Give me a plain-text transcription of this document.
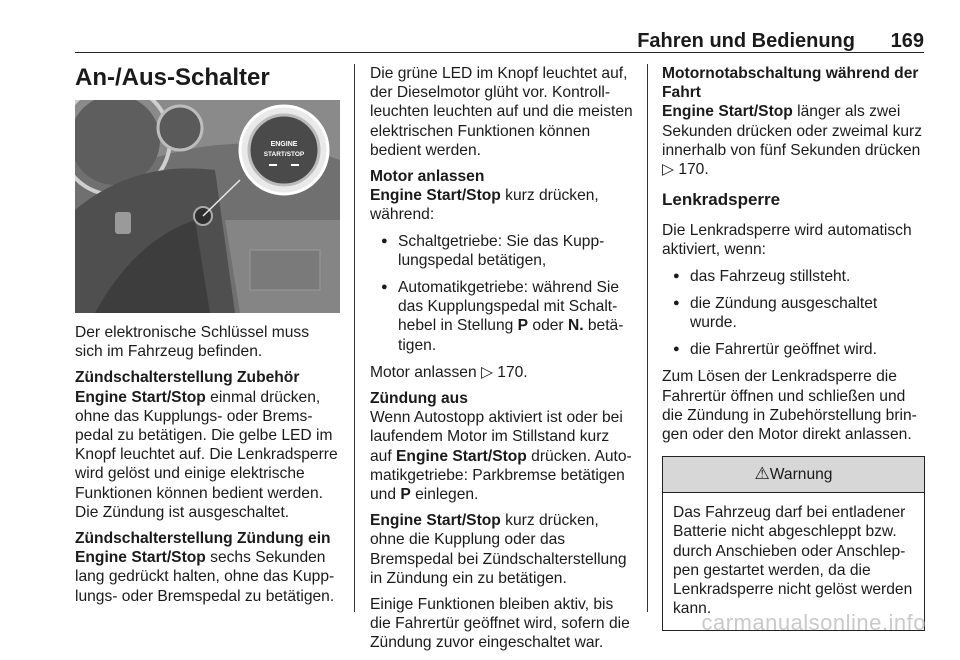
Fahren und Bedienung 169
An-/Aus-Schalter
ENGINE
START/STOP

Der elektronische Schlüssel muss sich im Fahrzeug befinden.

Zündschalterstellung Zubehör

Engine Start/Stop einmal drücken, ohne das Kupplungs- oder Bremspedal zu betätigen. Die gelbe LED im Knopf leuchtet auf. Die Lenkradsperre wird gelöst und einige elektrische Funktionen können bedient werden. Die Zündung ist ausgeschaltet.

Zündschalterstellung Zündung ein

Engine Start/Stop sechs Sekunden lang gedrückt halten, ohne das Kupplungs- oder Bremspedal zu betätigen.

Die grüne LED im Knopf leuchtet auf, der Dieselmotor glüht vor. Kontrollleuchten leuchten auf und die meisten elektrischen Funktionen können bedient werden.

Motor anlassen

Engine Start/Stop kurz drücken, während:

● Schaltgetriebe: Sie das Kupplungspedal betätigen,
● Automatikgetriebe: während Sie das Kupplungspedal mit Schalthebel in Stellung P oder N. betätigen.

Motor anlassen ▷ 170.

Zündung aus

Wenn Autostopp aktiviert ist oder bei laufendem Motor im Stillstand kurz auf Engine Start/Stop drücken. Automatikgetriebe: Parkbremse betätigen und P einlegen.

Engine Start/Stop kurz drücken, ohne die Kupplung oder das Bremspedal bei Zündschalterstellung in Zündung ein zu betätigen.

Einige Funktionen bleiben aktiv, bis die Fahrertür geöffnet wird, sofern die Zündung zuvor eingeschaltet war.

Motornotabschaltung während der Fahrt

Engine Start/Stop länger als zwei Sekunden drücken oder zweimal kurz innerhalb von fünf Sekunden drücken ▷ 170.

Lenkradsperre

Die Lenkradsperre wird automatisch aktiviert, wenn:

● das Fahrzeug stillsteht.
● die Zündung ausgeschaltet wurde.
● die Fahrertür geöffnet wird.

Zum Lösen der Lenkradsperre die Fahrertür öffnen und schließen und die Zündung in Zubehörstellung bringen oder den Motor direkt anlassen.

⚠Warnung
Das Fahrzeug darf bei entladener Batterie nicht abgeschleppt bzw. durch Anschieben oder Anschleppen gestartet werden, da die Lenkradsperre nicht gelöst werden kann.
carmanualsonline.info
